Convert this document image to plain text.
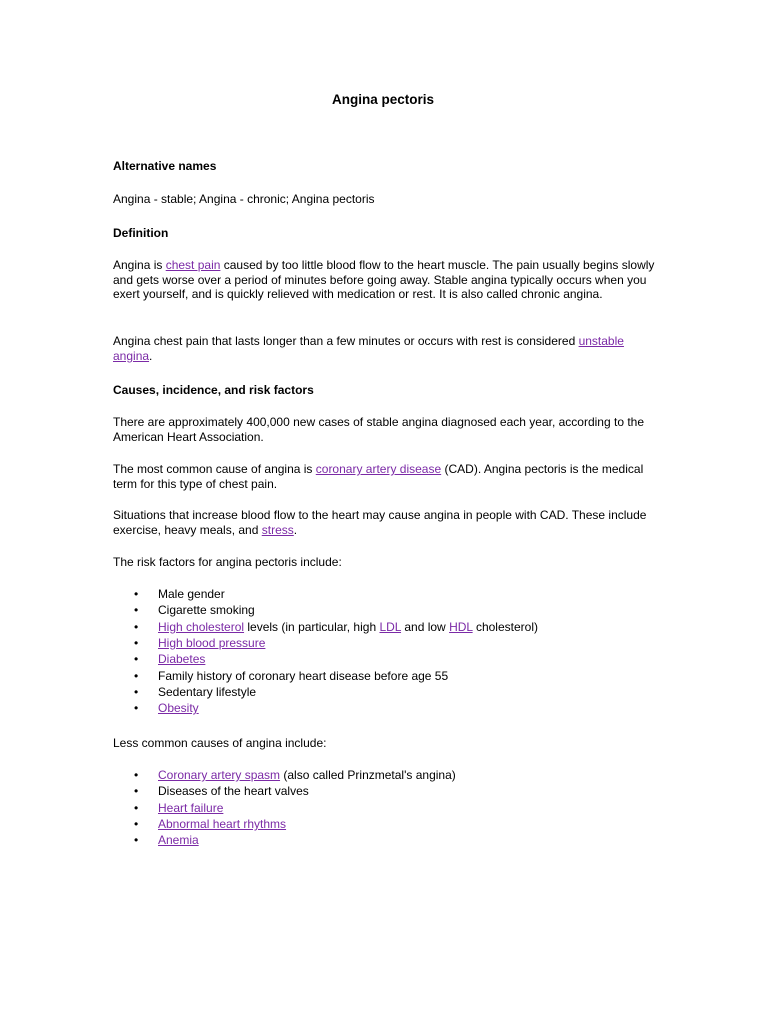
Angina pectoris

Alternative names

Angina - stable; Angina - chronic; Angina pectoris

Definition

Angina is chest pain caused by too little blood flow to the heart muscle. The pain usually begins slowly and gets worse over a period of minutes before going away. Stable angina typically occurs when you exert yourself, and is quickly relieved with medication or rest. It is also called chronic angina.

Angina chest pain that lasts longer than a few minutes or occurs with rest is considered unstable angina.

Causes, incidence, and risk factors

There are approximately 400,000 new cases of stable angina diagnosed each year, according to the American Heart Association.

The most common cause of angina is coronary artery disease (CAD). Angina pectoris is the medical term for this type of chest pain.

Situations that increase blood flow to the heart may cause angina in people with CAD. These include exercise, heavy meals, and stress.

The risk factors for angina pectoris include:

• Male gender
• Cigarette smoking
• High cholesterol levels (in particular, high LDL and low HDL cholesterol)
• High blood pressure
• Diabetes
• Family history of coronary heart disease before age 55
• Sedentary lifestyle
• Obesity

Less common causes of angina include:

• Coronary artery spasm (also called Prinzmetal's angina)
• Diseases of the heart valves
• Heart failure
• Abnormal heart rhythms
• Anemia
